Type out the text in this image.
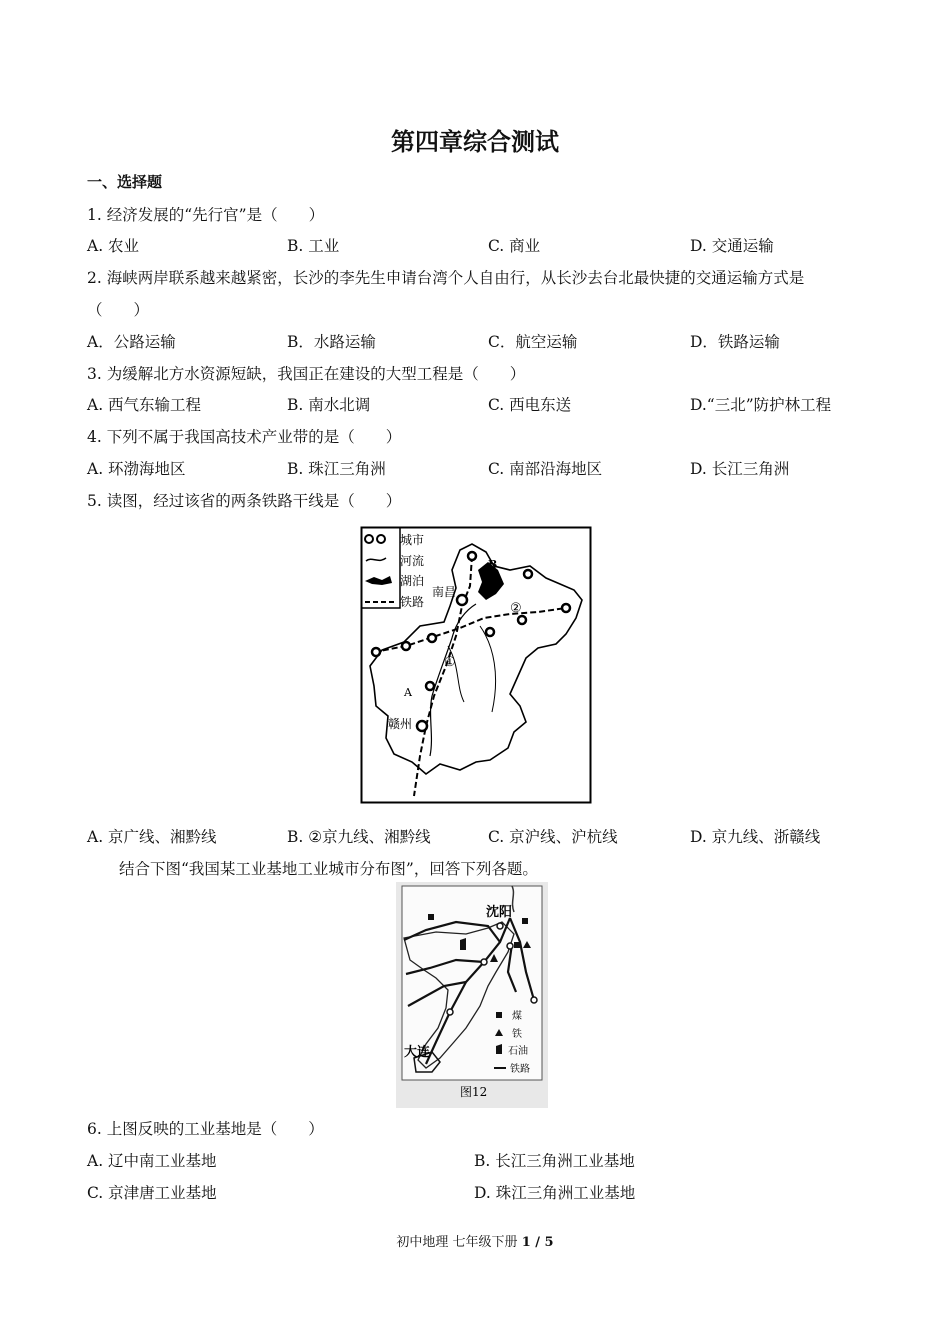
第四章综合测试
一、选择题
1. 经济发展的“先行官”是（　　）
A. 农业	B. 工业	C. 商业	D. 交通运输
2. 海峡两岸联系越来越紧密，长沙的李先生申请台湾个人自由行，从长沙去台北最快捷的交通运输方式是
（　　）
A．公路运输	B．水路运输	C．航空运输	D．铁路运输
3. 为缓解北方水资源短缺，我国正在建设的大型工程是（　　）
A. 西气东输工程	B. 南水北调	C. 西电东送	D.“三北”防护林工程
4. 下列不属于我国高技术产业带的是（　　）
A. 环渤海地区	B. 珠江三角洲	C. 南部沿海地区	D. 长江三角洲
5. 读图，经过该省的两条铁路干线是（　　）
城市
河流
湖泊
铁路
南昌
赣州
A
B
①
②
A. 京广线、湘黔线	B. ②京九线、湘黔线	C. 京沪线、沪杭线	D. 京九线、浙赣线
结合下图“我国某工业基地工业城市分布图”，回答下列各题。
沈阳
大连
煤
铁
石油
铁路
图12
6. 上图反映的工业基地是（　　）
A. 辽中南工业基地	B. 长江三角洲工业基地
C. 京津唐工业基地	D. 珠江三角洲工业基地
初中地理 七年级下册 1 / 5
